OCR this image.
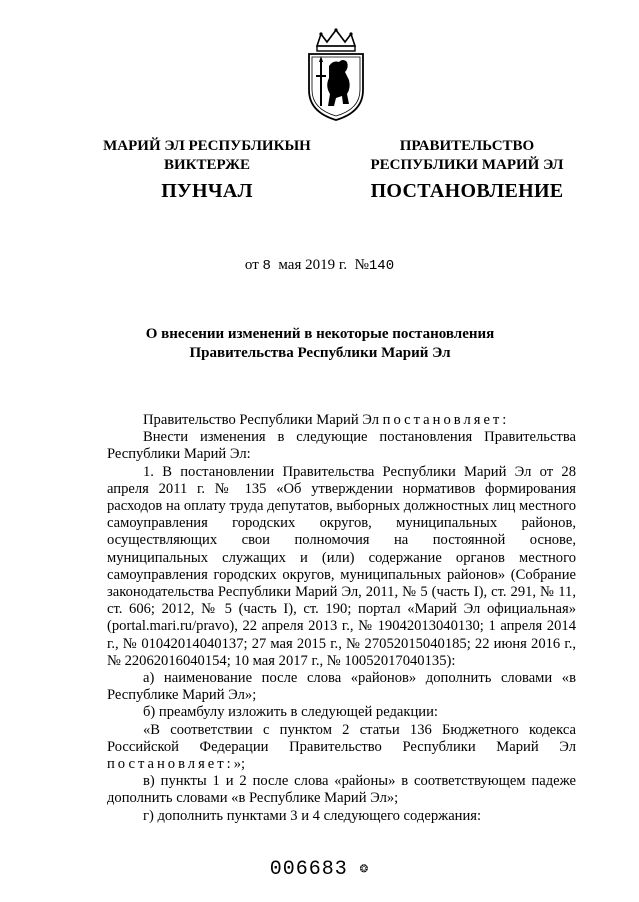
МАРИЙ ЭЛ РЕСПУБЛИКЫН
ВИКТЕРЖЕ
ПРАВИТЕЛЬСТВО
РЕСПУБЛИКИ МАРИЙ ЭЛ
ПУНЧАЛ	ПОСТАНОВЛЕНИЕ
от 8 мая 2019 г. №140
О внесении изменений в некоторые постановления
Правительства Республики Марий Эл

Правительство Республики Марий Эл постановляет:

Внести изменения в следующие постановления Правительства Республики Марий Эл:

1. В постановлении Правительства Республики Марий Эл от 28 апреля 2011 г. № 135 «Об утверждении нормативов формирования расходов на оплату труда депутатов, выборных должностных лиц местного самоуправления городских округов, муниципальных районов, осуществляющих свои полномочия на постоянной основе, муниципальных служащих и (или) содержание органов местного самоуправления городских округов, муниципальных районов» (Собрание законодательства Республики Марий Эл, 2011, № 5 (часть I), ст. 291, № 11, ст. 606; 2012, № 5 (часть I), ст. 190; портал «Марий Эл официальная» (portal.mari.ru/pravo), 22 апреля 2013 г., № 19042013040130; 1 апреля 2014 г., № 01042014040137; 27 мая 2015 г., № 27052015040185; 22 июня 2016 г., № 22062016040154; 10 мая 2017 г., № 10052017040135):

а) наименование после слова «районов» дополнить словами «в Республике Марий Эл»;

б) преамбулу изложить в следующей редакции:

«В соответствии с пунктом 2 статьи 136 Бюджетного кодекса Российской Федерации Правительство Республики Марий Эл постановляет:»;

в) пункты 1 и 2 после слова «районы» в соответствующем падеже дополнить словами «в Республике Марий Эл»;

г) дополнить пунктами 3 и 4 следующего содержания:

006683 ❂
